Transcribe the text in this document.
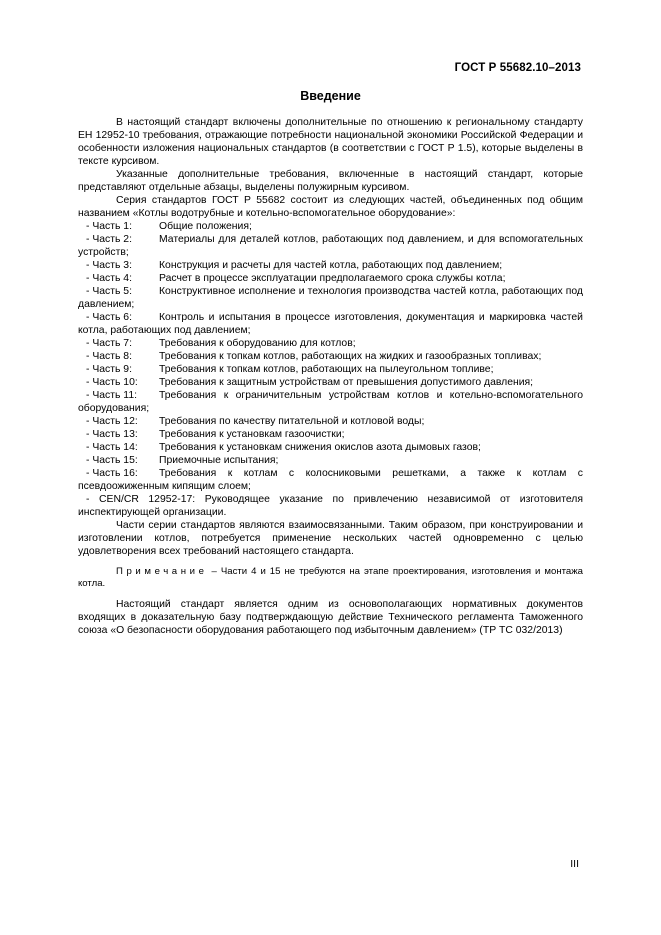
ГОСТ Р 55682.10–2013
Введение

В настоящий стандарт включены дополнительные по отношению к региональному стандарту ЕН 12952-10 требования, отражающие потребности национальной экономики Российской Федерации и особенности изложения национальных стандартов (в соответствии с ГОСТ Р 1.5), которые выделены в тексте курсивом.

Указанные дополнительные требования, включенные в настоящий стандарт, которые представляют отдельные абзацы, выделены полужирным курсивом.

Серия стандартов ГОСТ Р 55682 состоит из следующих частей, объединенных под общим названием «Котлы водотрубные и котельно-вспомогательное оборудование»:

- Часть 1:	Общие положения;
- Часть 2:	Материалы для деталей котлов, работающих под давлением, и для вспомогательных устройств;
- Часть 3:	Конструкция и расчеты для частей котла, работающих под давлением;
- Часть 4:	Расчет в процессе эксплуатации предполагаемого срока службы котла;
- Часть 5:	Конструктивное исполнение и технология производства частей котла, работающих под давлением;
- Часть 6:	Контроль и испытания в процессе изготовления, документация и маркировка частей котла, работающих под давлением;
- Часть 7:	Требования к оборудованию для котлов;
- Часть 8:	Требования к топкам котлов, работающих на жидких и газообразных топливах;
- Часть 9:	Требования к топкам котлов, работающих на пылеугольном топливе;
- Часть 10:	Требования к защитным устройствам от превышения допустимого давления;
- Часть 11: Требования к ограничительным устройствам котлов и котельно-вспомогательного оборудования;
- Часть 12:	Требования по качеству питательной и котловой воды;
- Часть 13:	Требования к установкам газоочистки;
- Часть 14:	Требования к установкам снижения окислов азота дымовых газов;
- Часть 15:	Приемочные испытания;
- Часть 16: Требования к котлам с колосниковыми решетками, а также к котлам с псевдоожиженным кипящим слоем;
- CEN/CR 12952-17: Руководящее указание по привлечению независимой от изготовителя инспектирующей организации.

Части серии стандартов являются взаимосвязанными. Таким образом, при конструировании и изготовлении котлов, потребуется применение нескольких частей одновременно с целью удовлетворения всех требований настоящего стандарта.

Примечание – Части 4 и 15 не требуются на этапе проектирования, изготовления и монтажа котла.

Настоящий стандарт является одним из основополагающих нормативных документов входящих в доказательную базу подтверждающую действие Технического регламента Таможенного союза «О безопасности оборудования работающего под избыточным давлением» (ТР ТС 032/2013)

III
